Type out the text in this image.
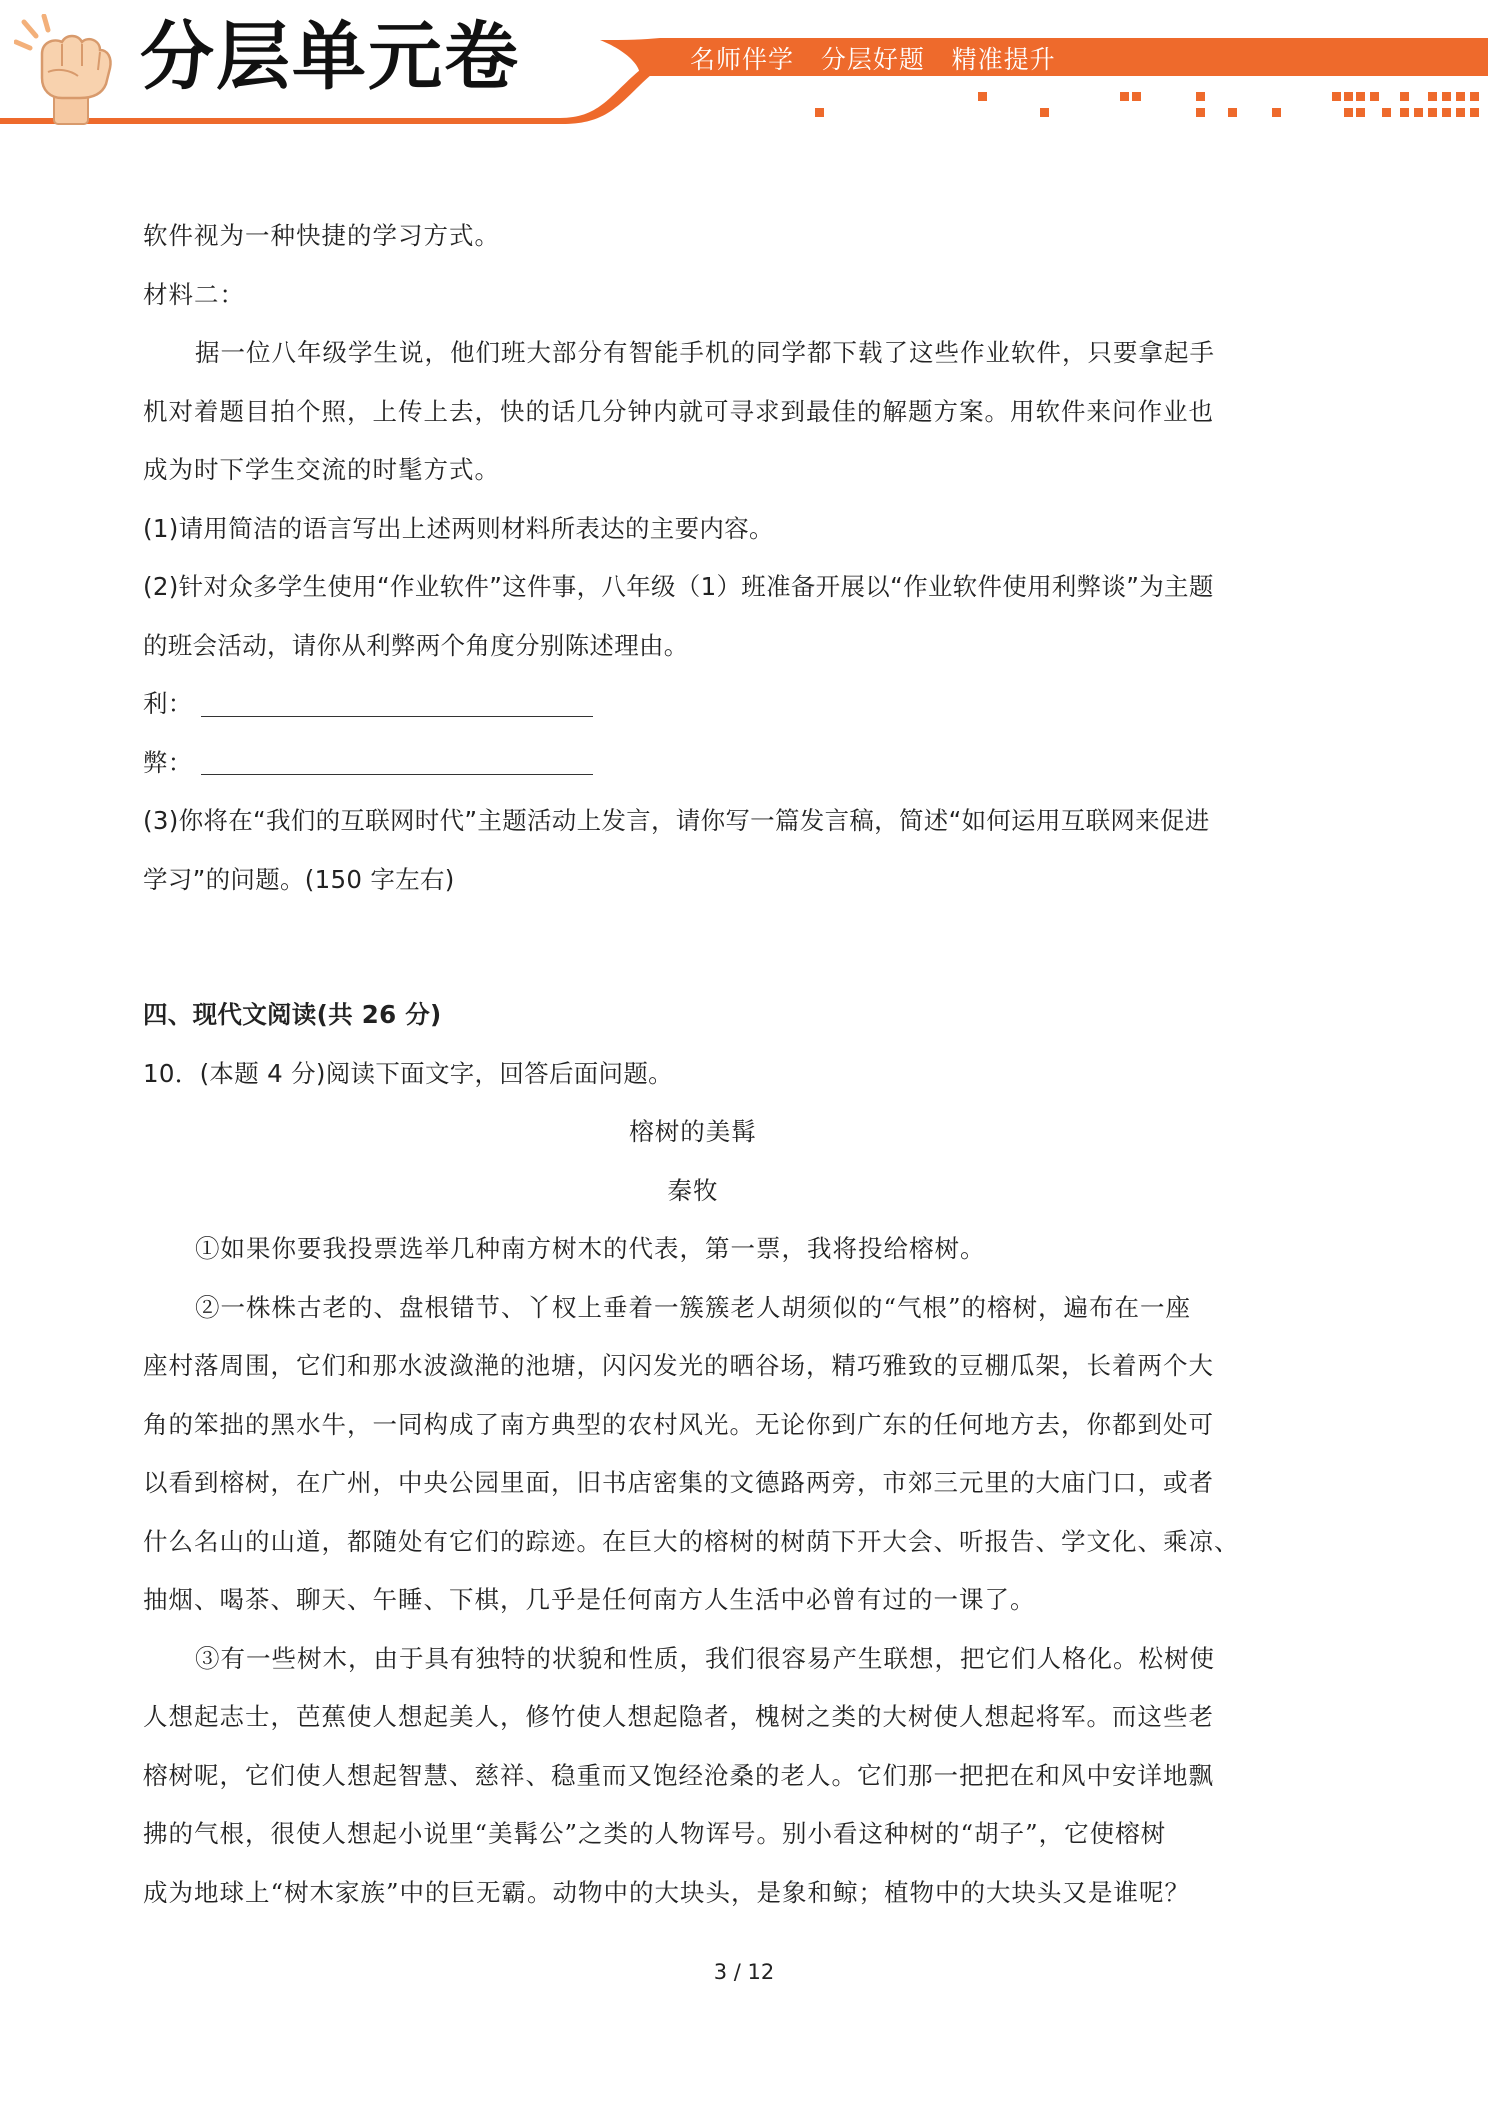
分层单元卷	名师伴学   分层好题   精准提升
软件视为一种快捷的学习方式。
材料二：
据一位八年级学生说，他们班大部分有智能手机的同学都下载了这些作业软件，只要拿起手
机对着题目拍个照，上传上去，快的话几分钟内就可寻求到最佳的解题方案。用软件来问作业也
成为时下学生交流的时髦方式。
(1)请用简洁的语言写出上述两则材料所表达的主要内容。
(2)针对众多学生使用“作业软件”这件事，八年级（1）班准备开展以“作业软件使用利弊谈”为主题
的班会活动，请你从利弊两个角度分别陈述理由。
利：
弊：
(3)你将在“我们的互联网时代”主题活动上发言，请你写一篇发言稿，简述“如何运用互联网来促进
学习”的问题。(150 字左右)
四、现代文阅读(共 26 分)
10．(本题 4 分)阅读下面文字，回答后面问题。
榕树的美髯
秦牧
①如果你要我投票选举几种南方树木的代表，第一票，我将投给榕树。
②一株株古老的、盘根错节、丫杈上垂着一簇簇老人胡须似的“气根”的榕树，遍布在一座
座村落周围，它们和那水波潋滟的池塘，闪闪发光的晒谷场，精巧雅致的豆棚瓜架，长着两个大
角的笨拙的黑水牛，一同构成了南方典型的农村风光。无论你到广东的任何地方去，你都到处可
以看到榕树，在广州，中央公园里面，旧书店密集的文德路两旁，市郊三元里的大庙门口，或者
什么名山的山道，都随处有它们的踪迹。在巨大的榕树的树荫下开大会、听报告、学文化、乘凉、
抽烟、喝茶、聊天、午睡、下棋，几乎是任何南方人生活中必曾有过的一课了。
③有一些树木，由于具有独特的状貌和性质，我们很容易产生联想，把它们人格化。松树使
人想起志士，芭蕉使人想起美人，修竹使人想起隐者，槐树之类的大树使人想起将军。而这些老
榕树呢，它们使人想起智慧、慈祥、稳重而又饱经沧桑的老人。它们那一把把在和风中安详地飘
拂的气根，很使人想起小说里“美髯公”之类的人物诨号。别小看这种树的“胡子”，它使榕树
成为地球上“树木家族”中的巨无霸。动物中的大块头，是象和鲸；植物中的大块头又是谁呢？
3 / 12
